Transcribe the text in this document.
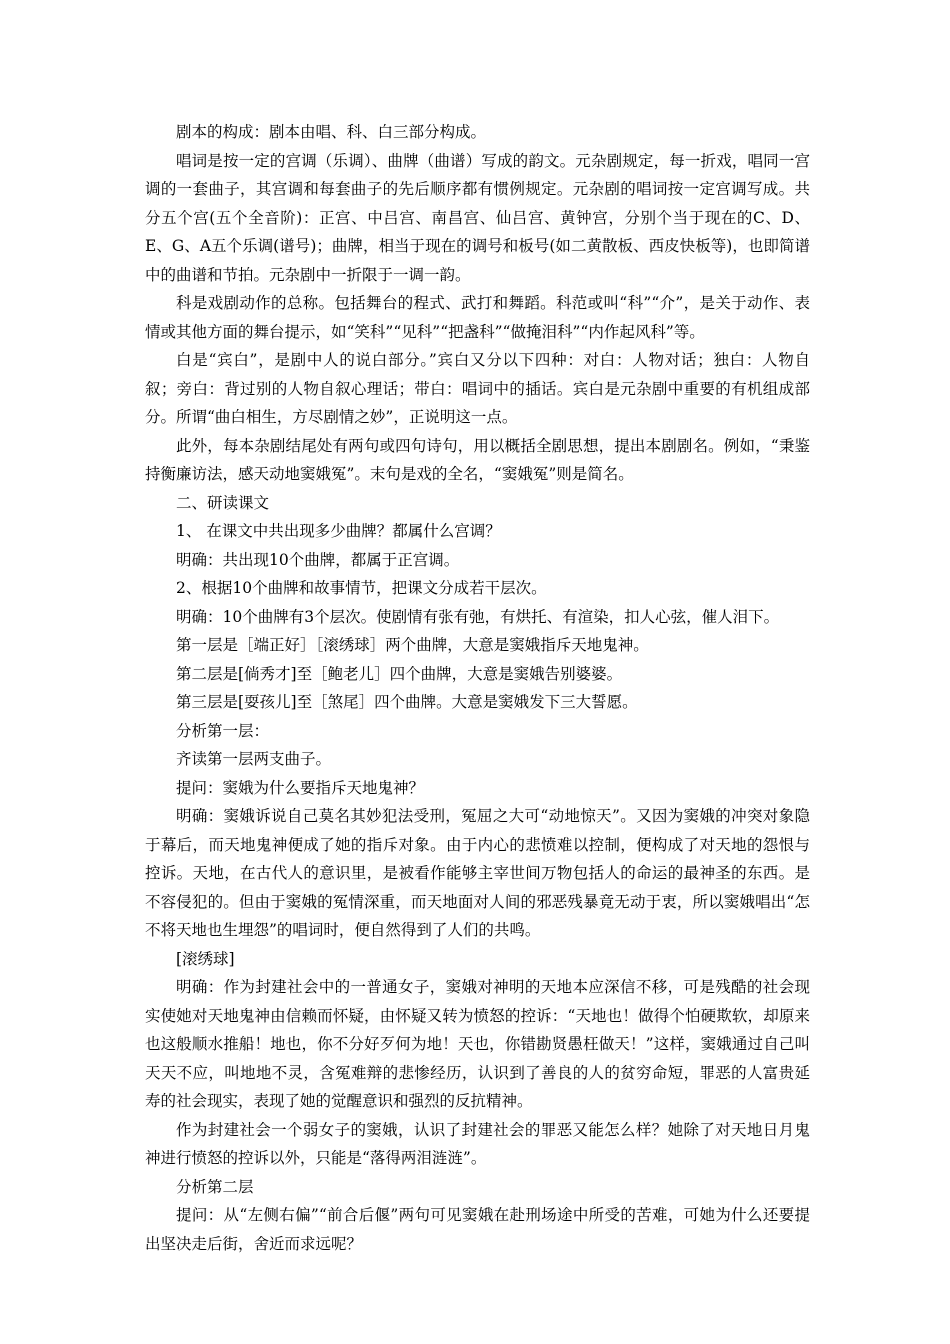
剧本的构成：剧本由唱、科、白三部分构成。

唱词是按一定的宫调（乐调）、曲牌（曲谱）写成的韵文。元杂剧规定，每一折戏，唱同一宫调的一套曲子，其宫调和每套曲子的先后顺序都有惯例规定。元杂剧的唱词按一定宫调写成。共分五个宫(五个全音阶)：正宫、中吕宫、南昌宫、仙吕宫、黄钟宫，分别个当于现在的C、D、E、G、A五个乐调(谱号)；曲牌，相当于现在的调号和板号(如二黄散板、西皮快板等)，也即简谱中的曲谱和节拍。元杂剧中一折限于一调一韵。

科是戏剧动作的总称。包括舞台的程式、武打和舞蹈。科范或叫“科”“介”，是关于动作、表情或其他方面的舞台提示，如“笑科”“见科”“把盏科”“做掩泪科”“内作起风科”等。

白是“宾白”，是剧中人的说白部分。”宾白又分以下四种：对白：人物对话；独白：人物自叙；旁白：背过别的人物自叙心理话；带白：唱词中的插话。宾白是元杂剧中重要的有机组成部分。所谓“曲白相生，方尽剧情之妙”，正说明这一点。

此外，每本杂剧结尾处有两句或四句诗句，用以概括全剧思想，提出本剧剧名。例如，“秉鉴持衡廉访法，感天动地窦娥冤”。末句是戏的全名，“窦娥冤”则是简名。

二、研读课文

1、 在课文中共出现多少曲牌？都属什么宫调？

明确：共出现10个曲牌，都属于正宫调。

2、根据10个曲牌和故事情节，把课文分成若干层次。

明确：10个曲牌有3个层次。使剧情有张有弛，有烘托、有渲染，扣人心弦，催人泪下。

第一层是［端正好］［滚绣球］两个曲牌，大意是窦娥指斥天地鬼神。

第二层是[倘秀才]至［鲍老儿］四个曲牌，大意是窦娥告别婆婆。

第三层是[耍孩儿]至［煞尾］四个曲牌。大意是窦娥发下三大誓愿。

分析第一层：

齐读第一层两支曲子。

提问：窦娥为什么要指斥天地鬼神？

明确：窦娥诉说自己莫名其妙犯法受刑，冤屈之大可“动地惊天”。又因为窦娥的冲突对象隐于幕后，而天地鬼神便成了她的指斥对象。由于内心的悲愤难以控制，便构成了对天地的怨恨与控诉。天地，在古代人的意识里，是被看作能够主宰世间万物包括人的命运的最神圣的东西。是不容侵犯的。但由于窦娥的冤情深重，而天地面对人间的邪恶残暴竟无动于衷，所以窦娥唱出“怎不将天地也生埋怨”的唱词时，便自然得到了人们的共鸣。

[滚绣球]

明确：作为封建社会中的一普通女子，窦娥对神明的天地本应深信不移，可是残酷的社会现实使她对天地鬼神由信赖而怀疑，由怀疑又转为愤怒的控诉：“天地也！做得个怕硬欺软，却原来也这般顺水推船！地也，你不分好歹何为地！天也，你错勘贤愚枉做天！”这样，窦娥通过自己叫天天不应，叫地地不灵，含冤难辩的悲惨经历，认识到了善良的人的贫穷命短，罪恶的人富贵延寿的社会现实，表现了她的觉醒意识和强烈的反抗精神。

作为封建社会一个弱女子的窦娥，认识了封建社会的罪恶又能怎么样？她除了对天地日月鬼神进行愤怒的控诉以外，只能是“落得两泪涟涟”。

分析第二层

提问：从“左侧右偏”“前合后偃”两句可见窦娥在赴刑场途中所受的苦难，可她为什么还要提出坚决走后街，舍近而求远呢？
